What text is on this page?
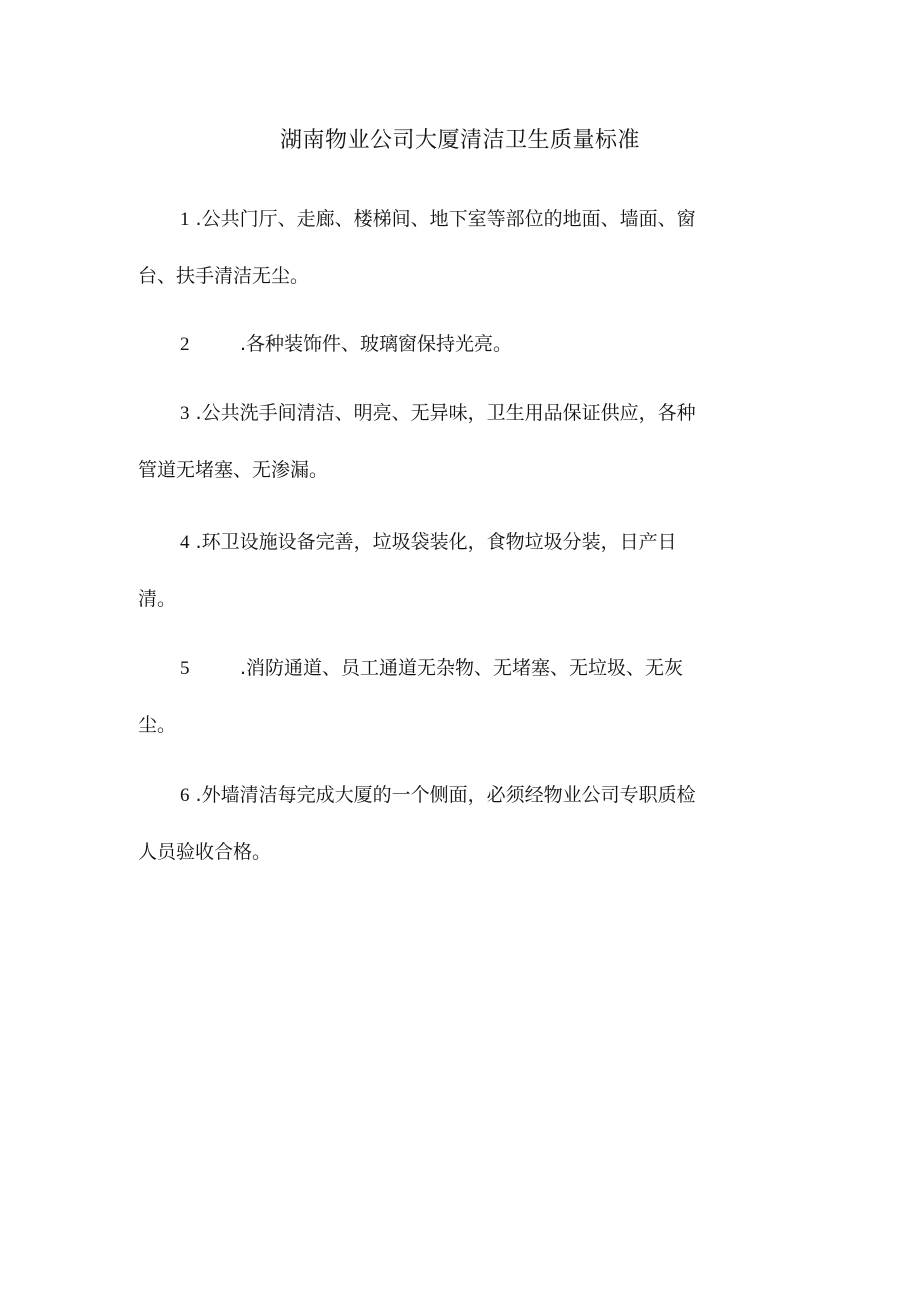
湖南物业公司大厦清洁卫生质量标准
1 .公共门厅、走廊、楼梯间、地下室等部位的地面、墙面、窗
台、扶手清洁无尘。
2	.各种装饰件、玻璃窗保持光亮。
3 .公共洗手间清洁、明亮、无异味，卫生用品保证供应，各种
管道无堵塞、无渗漏。
4 .环卫设施设备完善，垃圾袋装化，食物垃圾分装，日产日
清。
5	.消防通道、员工通道无杂物、无堵塞、无垃圾、无灰
尘。
6 .外墙清洁每完成大厦的一个侧面，必须经物业公司专职质检
人员验收合格。
